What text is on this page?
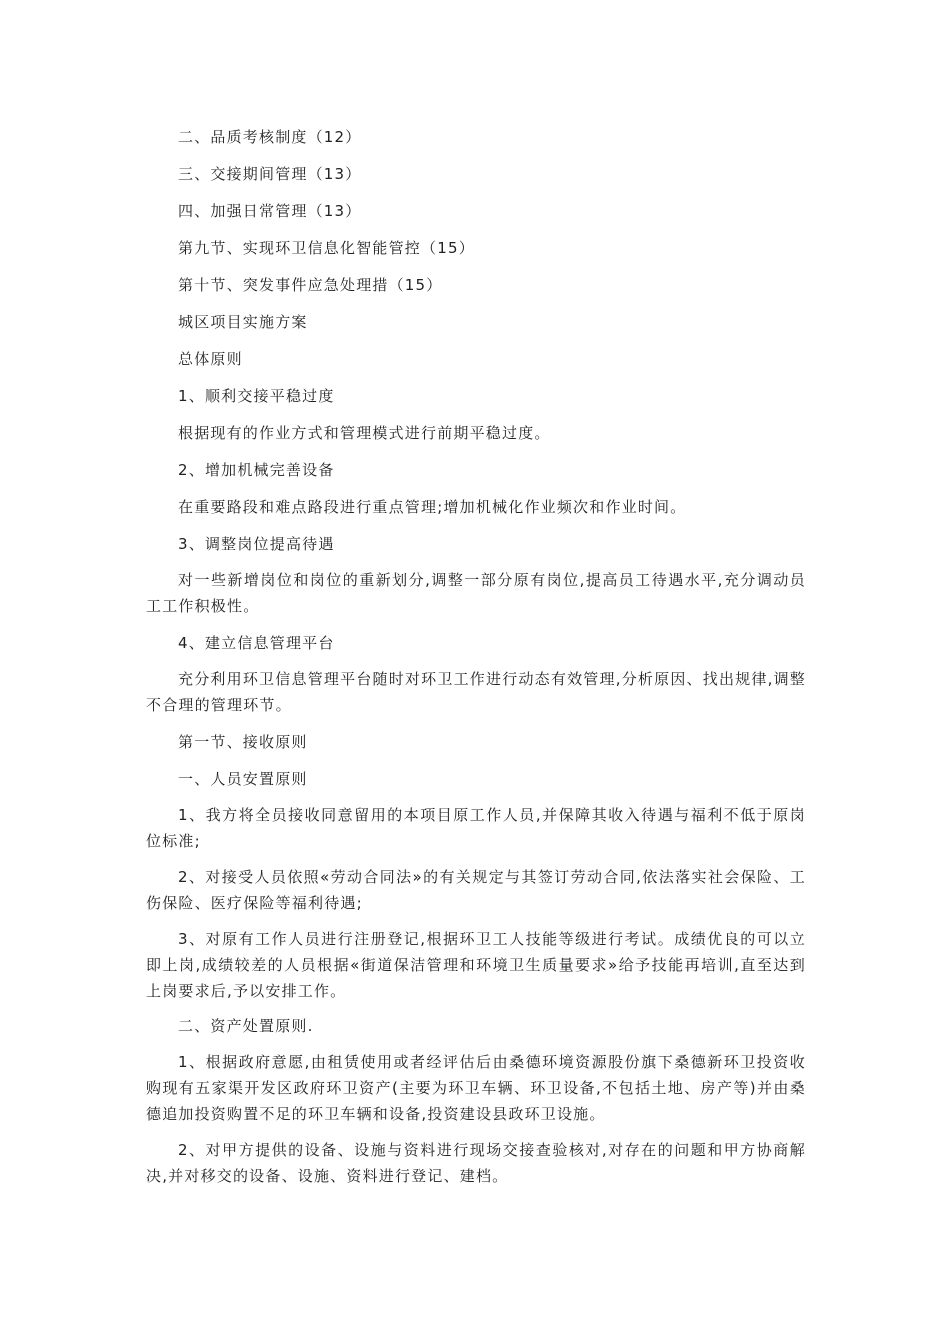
二、品质考核制度（12）
三、交接期间管理（13）
四、加强日常管理（13）
第九节、实现环卫信息化智能管控（15）
第十节、突发事件应急处理措（15）
城区项目实施方案
总体原则
1、顺利交接平稳过度
根据现有的作业方式和管理模式进行前期平稳过度。
2、增加机械完善设备
在重要路段和难点路段进行重点管理;增加机械化作业频次和作业时间。
3、调整岗位提高待遇
对一些新增岗位和岗位的重新划分,调整一部分原有岗位,提高员工待遇水平,充分调动员工工作积极性。
4、建立信息管理平台
充分利用环卫信息管理平台随时对环卫工作进行动态有效管理,分析原因、找出规律,调整不合理的管理环节。
第一节、接收原则
一、人员安置原则
1、我方将全员接收同意留用的本项目原工作人员,并保障其收入待遇与福利不低于原岗位标准;
2、对接受人员依照«劳动合同法»的有关规定与其签订劳动合同,依法落实社会保险、工伤保险、医疗保险等福利待遇;
3、对原有工作人员进行注册登记,根据环卫工人技能等级进行考试。成绩优良的可以立即上岗,成绩较差的人员根据«街道保洁管理和环境卫生质量要求»给予技能再培训,直至达到上岗要求后,予以安排工作。
二、资产处置原则.
1、根据政府意愿,由租赁使用或者经评估后由桑德环境资源股份旗下桑德新环卫投资收购现有五家渠开发区政府环卫资产(主要为环卫车辆、环卫设备,不包括土地、房产等)并由桑德追加投资购置不足的环卫车辆和设备,投资建设县政环卫设施。
2、对甲方提供的设备、设施与资料进行现场交接查验核对,对存在的问题和甲方协商解决,并对移交的设备、设施、资料进行登记、建档。
